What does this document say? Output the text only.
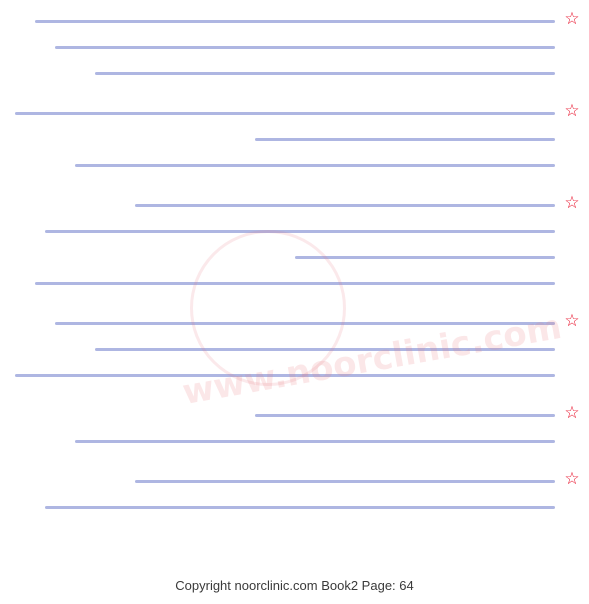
☆
☆
☆
☆
☆
☆
www.noorclinic.com
Copyright noorclinic.com Book2 Page: 64
